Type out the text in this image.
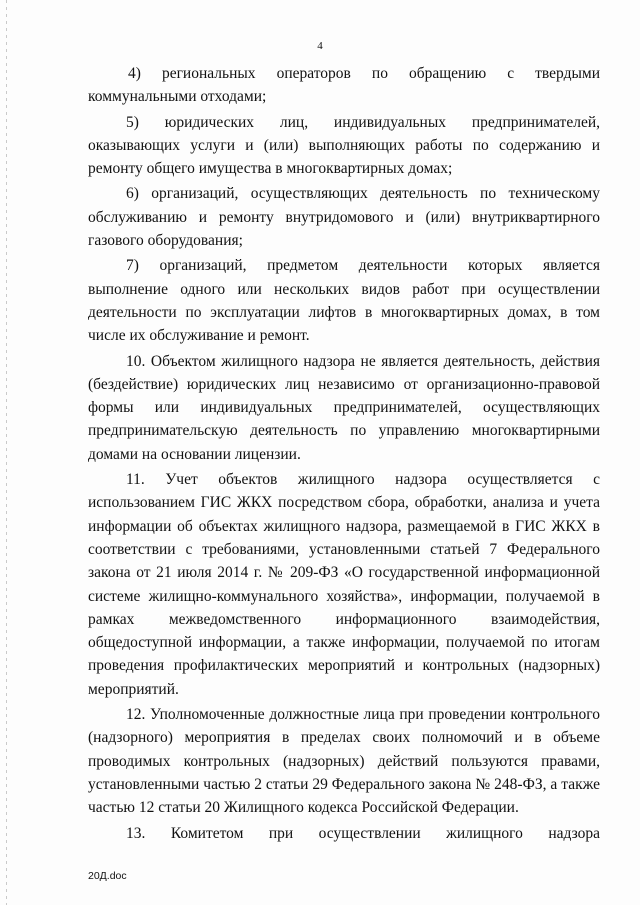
4

4)   региональных   операторов   по   обращению   с   твердыми коммунальными отходами;

5)   юридических   лиц,   индивидуальных   предпринимателей, оказывающих услуги и (или) выполняющих работы по содержанию и ремонту общего имущества в многоквартирных домах;

6) организаций, осуществляющих деятельность по техническому обслуживанию и ремонту внутридомового и (или) внутриквартирного газового оборудования;

7) организаций, предметом деятельности которых является выполнение одного или нескольких видов работ при осуществлении деятельности по эксплуатации лифтов в многоквартирных домах, в том числе их обслуживание и ремонт.

10. Объектом жилищного надзора не является деятельность, действия (бездействие) юридических лиц независимо от организационно-правовой формы или индивидуальных предпринимателей, осуществляющих предпринимательскую деятельность по управлению многоквартирными домами на основании лицензии.

11. Учет объектов жилищного надзора осуществляется с использованием ГИС ЖКХ посредством сбора, обработки, анализа и учета информации об объектах жилищного надзора, размещаемой в ГИС ЖКХ в соответствии с требованиями, установленными статьей 7 Федерального закона от 21 июля 2014 г. № 209-ФЗ «О государственной информационной системе жилищно-коммунального хозяйства», информации, получаемой в рамках межведомственного информационного взаимодействия, общедоступной информации, а также информации, получаемой по итогам проведения профилактических мероприятий и контрольных (надзорных) мероприятий.

12. Уполномоченные должностные лица при проведении контрольного (надзорного) мероприятия в пределах своих полномочий и в объеме проводимых контрольных (надзорных) действий пользуются правами, установленными частью 2 статьи 29 Федерального закона № 248-ФЗ, а также частью 12 статьи 20 Жилищного кодекса Российской Федерации.

13. Комитетом при осуществлении жилищного надзора

20Д.doc
